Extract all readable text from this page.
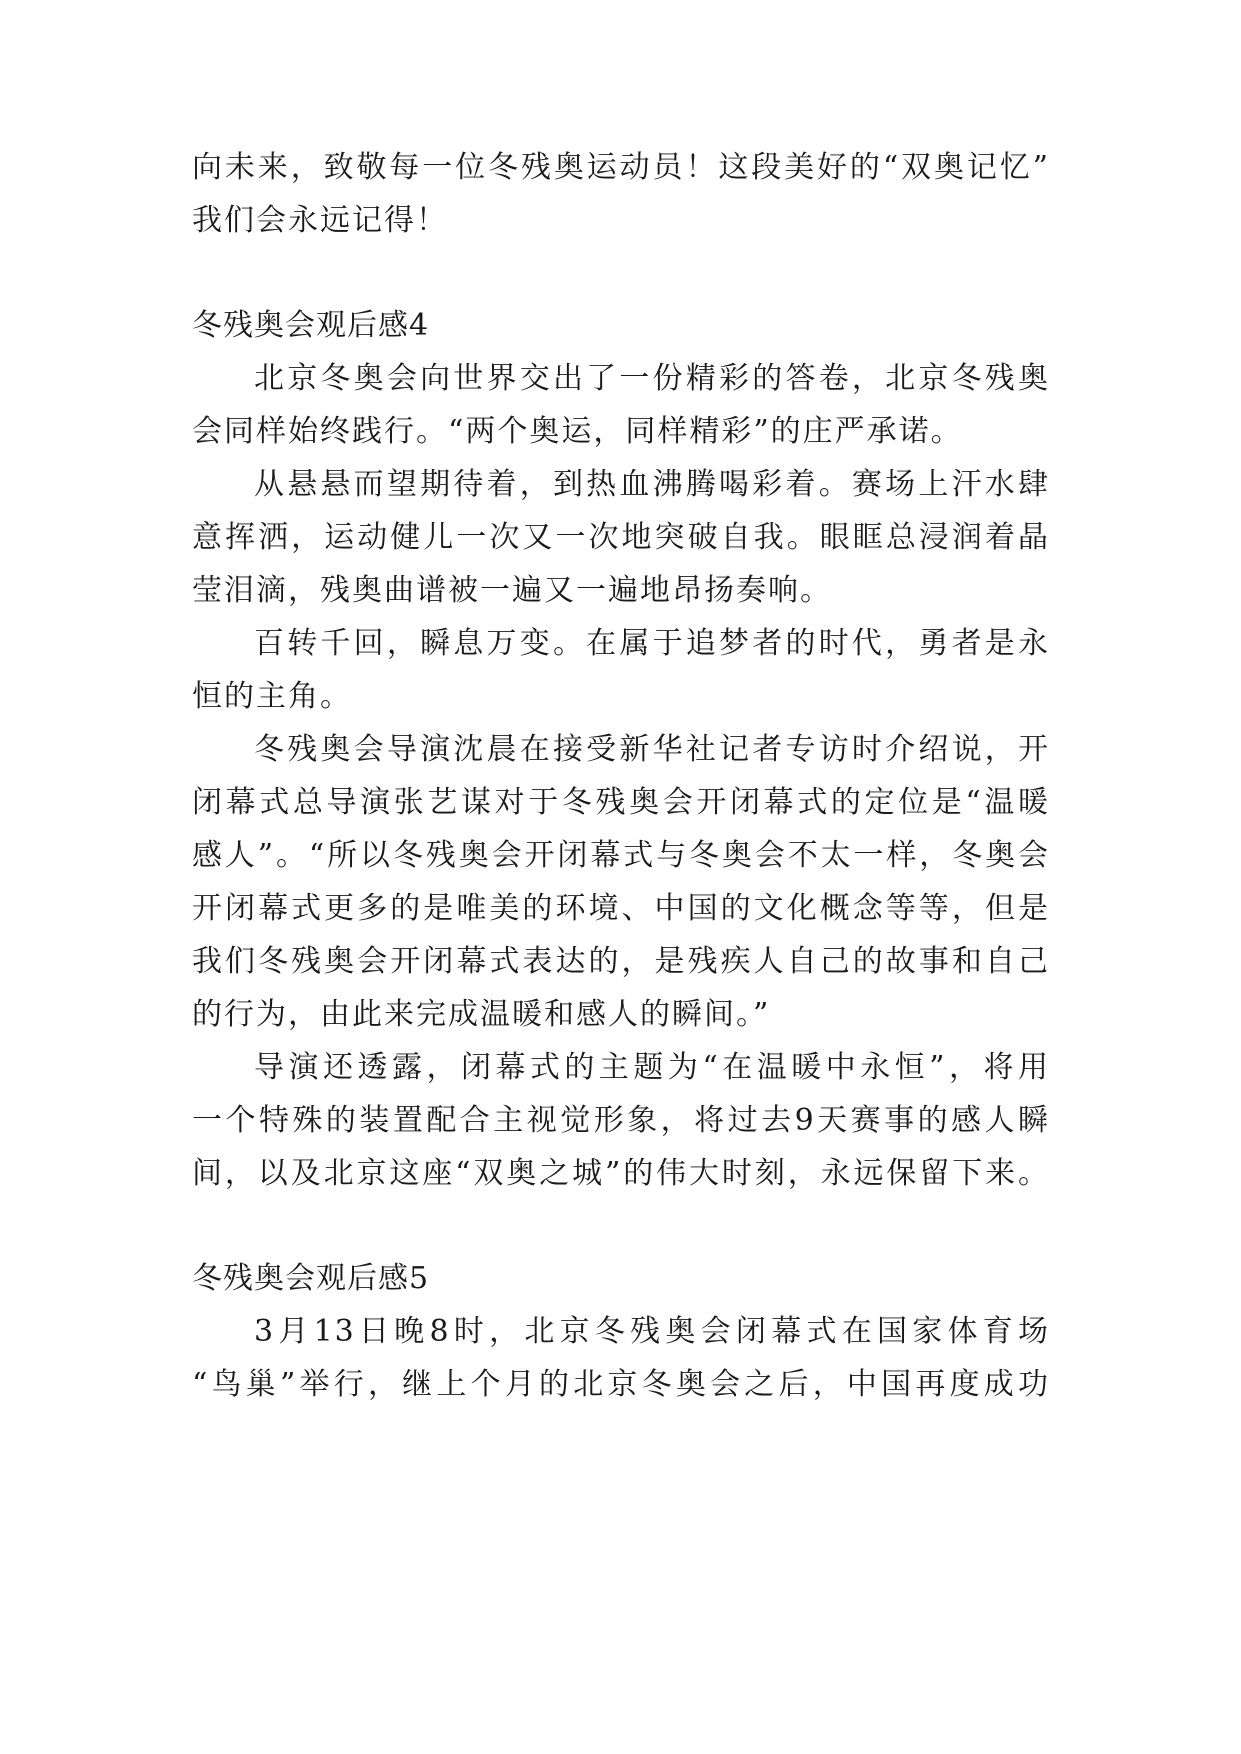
向未来，致敬每一位冬残奥运动员！这段美好的“双奥记忆”
我们会永远记得！
冬残奥会观后感4
北京冬奥会向世界交出了一份精彩的答卷，北京冬残奥
会同样始终践行。“两个奥运，同样精彩”的庄严承诺。
从悬悬而望期待着，到热血沸腾喝彩着。赛场上汗水肆
意挥洒，运动健儿一次又一次地突破自我。眼眶总浸润着晶
莹泪滴，残奥曲谱被一遍又一遍地昂扬奏响。
百转千回，瞬息万变。在属于追梦者的时代，勇者是永
恒的主角。
冬残奥会导演沈晨在接受新华社记者专访时介绍说，开
闭幕式总导演张艺谋对于冬残奥会开闭幕式的定位是“温暖
感人”。“所以冬残奥会开闭幕式与冬奥会不太一样，冬奥会
开闭幕式更多的是唯美的环境、中国的文化概念等等，但是
我们冬残奥会开闭幕式表达的，是残疾人自己的故事和自己
的行为，由此来完成温暖和感人的瞬间。”
导演还透露，闭幕式的主题为“在温暖中永恒”，将用
一个特殊的装置配合主视觉形象，将过去9天赛事的感人瞬
间，以及北京这座“双奥之城”的伟大时刻，永远保留下来。
冬残奥会观后感5
3月13日晚8时，北京冬残奥会闭幕式在国家体育场
“鸟巢”举行，继上个月的北京冬奥会之后，中国再度成功
